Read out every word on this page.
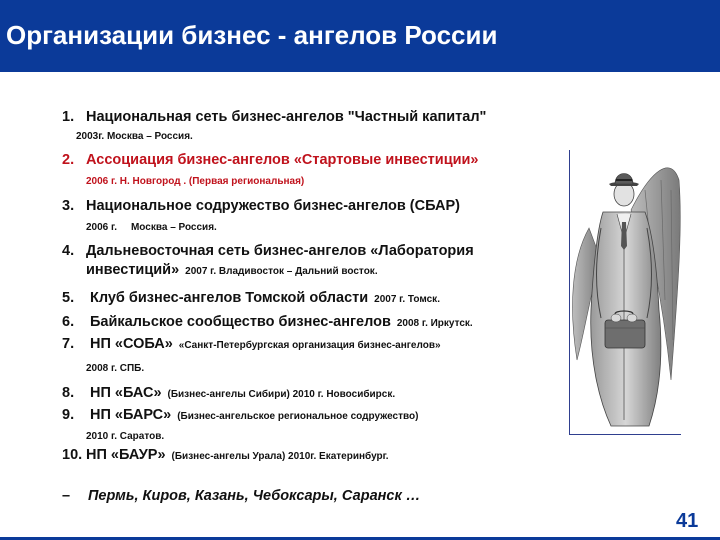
Организации бизнес - ангелов России
1. Национальная сеть бизнес-ангелов "Частный капитал"
2003г. Москва – Россия.
2. Ассоциация бизнес-ангелов «Стартовые инвестиции»
2006 г. Н. Новгород . (Первая региональная)
3. Национальное содружество бизнес-ангелов (СБАР)
2006 г. Москва – Россия.
4. Дальневосточная сеть бизнес-ангелов «Лаборатория
инвестиций» 2007 г. Владивосток – Дальний восток.
5. Клуб бизнес-ангелов Томской области 2007 г. Томск.
6. Байкальское сообщество бизнес-ангелов 2008 г. Иркутск.
7. НП «СОБА» «Санкт-Петербургская организация бизнес-ангелов»
2008 г. СПБ.
8. НП «БАС» (Бизнес-ангелы Сибири) 2010 г. Новосибирск.
9. НП «БАРС» (Бизнес-ангельское региональное содружество)
2010 г. Саратов.
10. НП «БАУР» (Бизнес-ангелы Урала) 2010г. Екатеринбург.
– Пермь, Киров, Казань, Чебоксары, Саранск …
41
